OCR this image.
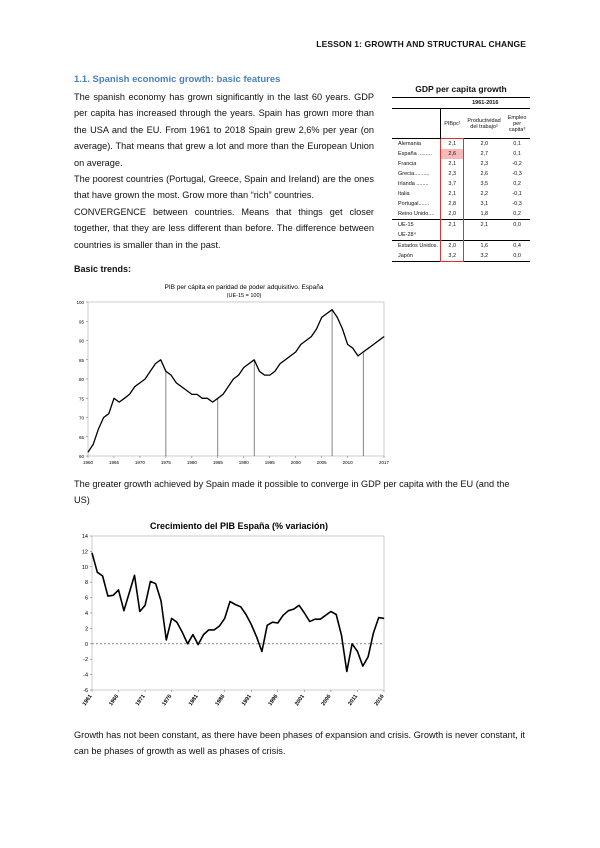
LESSON 1: GROWTH AND STRUCTURAL CHANGE
1.1. Spanish economic growth: basic features

The spanish economy has grown significantly in the last 60 years. GDP per capita has increased through the years. Spain has grown more than the USA and the EU. From 1961 to 2018 Spain grew 2,6% per year (on average). That means that grew a lot and more than the European Union on average.

The poorest countries (Portugal, Greece, Spain and Ireland) are the ones that have grown the most. Grow more than “rich” countries.

CONVERGENCE between countries. Means that things get closer together, that they are less different than before. The difference between countries is smaller than in the past.

GDP per capita growth
	1961-2016		
	PIBpc¹	Productividad del trabajo²	Empleo per capita³
Alemania	2,1	2,0	0,1
España .........	2,6	2,7	0,1
Francia	2,1	2,3	-0,2
Grecia..........	2,3	2,6	-0,3
Irlanda ........	3,7	3,5	0,2
Italia	2,1	2,2	-0,1
Portugal.......	2,8	3,1	-0,3
Reino Unido....	2,0	1,8	0,2
UE-15	2,1	2,1	0,0
UE-28⁴			
Estados Unidos.	2,0	1,6	0,4
Japón	3,2	3,2	0,0
Basic trends:
PIB per cápita en paridad de poder adquisitivo. España
(UE-15 = 100)
60
65
70
75
80
85
90
95
100
1960	1965	1970	1975	1980	1985	1990	1995	2000	2005	2010	2017
The greater growth achieved by Spain made it possible to converge in GDP per capita with the EU (and the US)
Crecimiento del PIB España (% variación)
-6
-4
-2
0
2
4
6
8
10
12
14
1961	1966	1971	1976	1981	1986	1991	1996	2001	2006	2011	2016
Growth has not been constant, as there have been phases of expansion and crisis. Growth is never constant, it can be phases of growth as well as phases of crisis.
